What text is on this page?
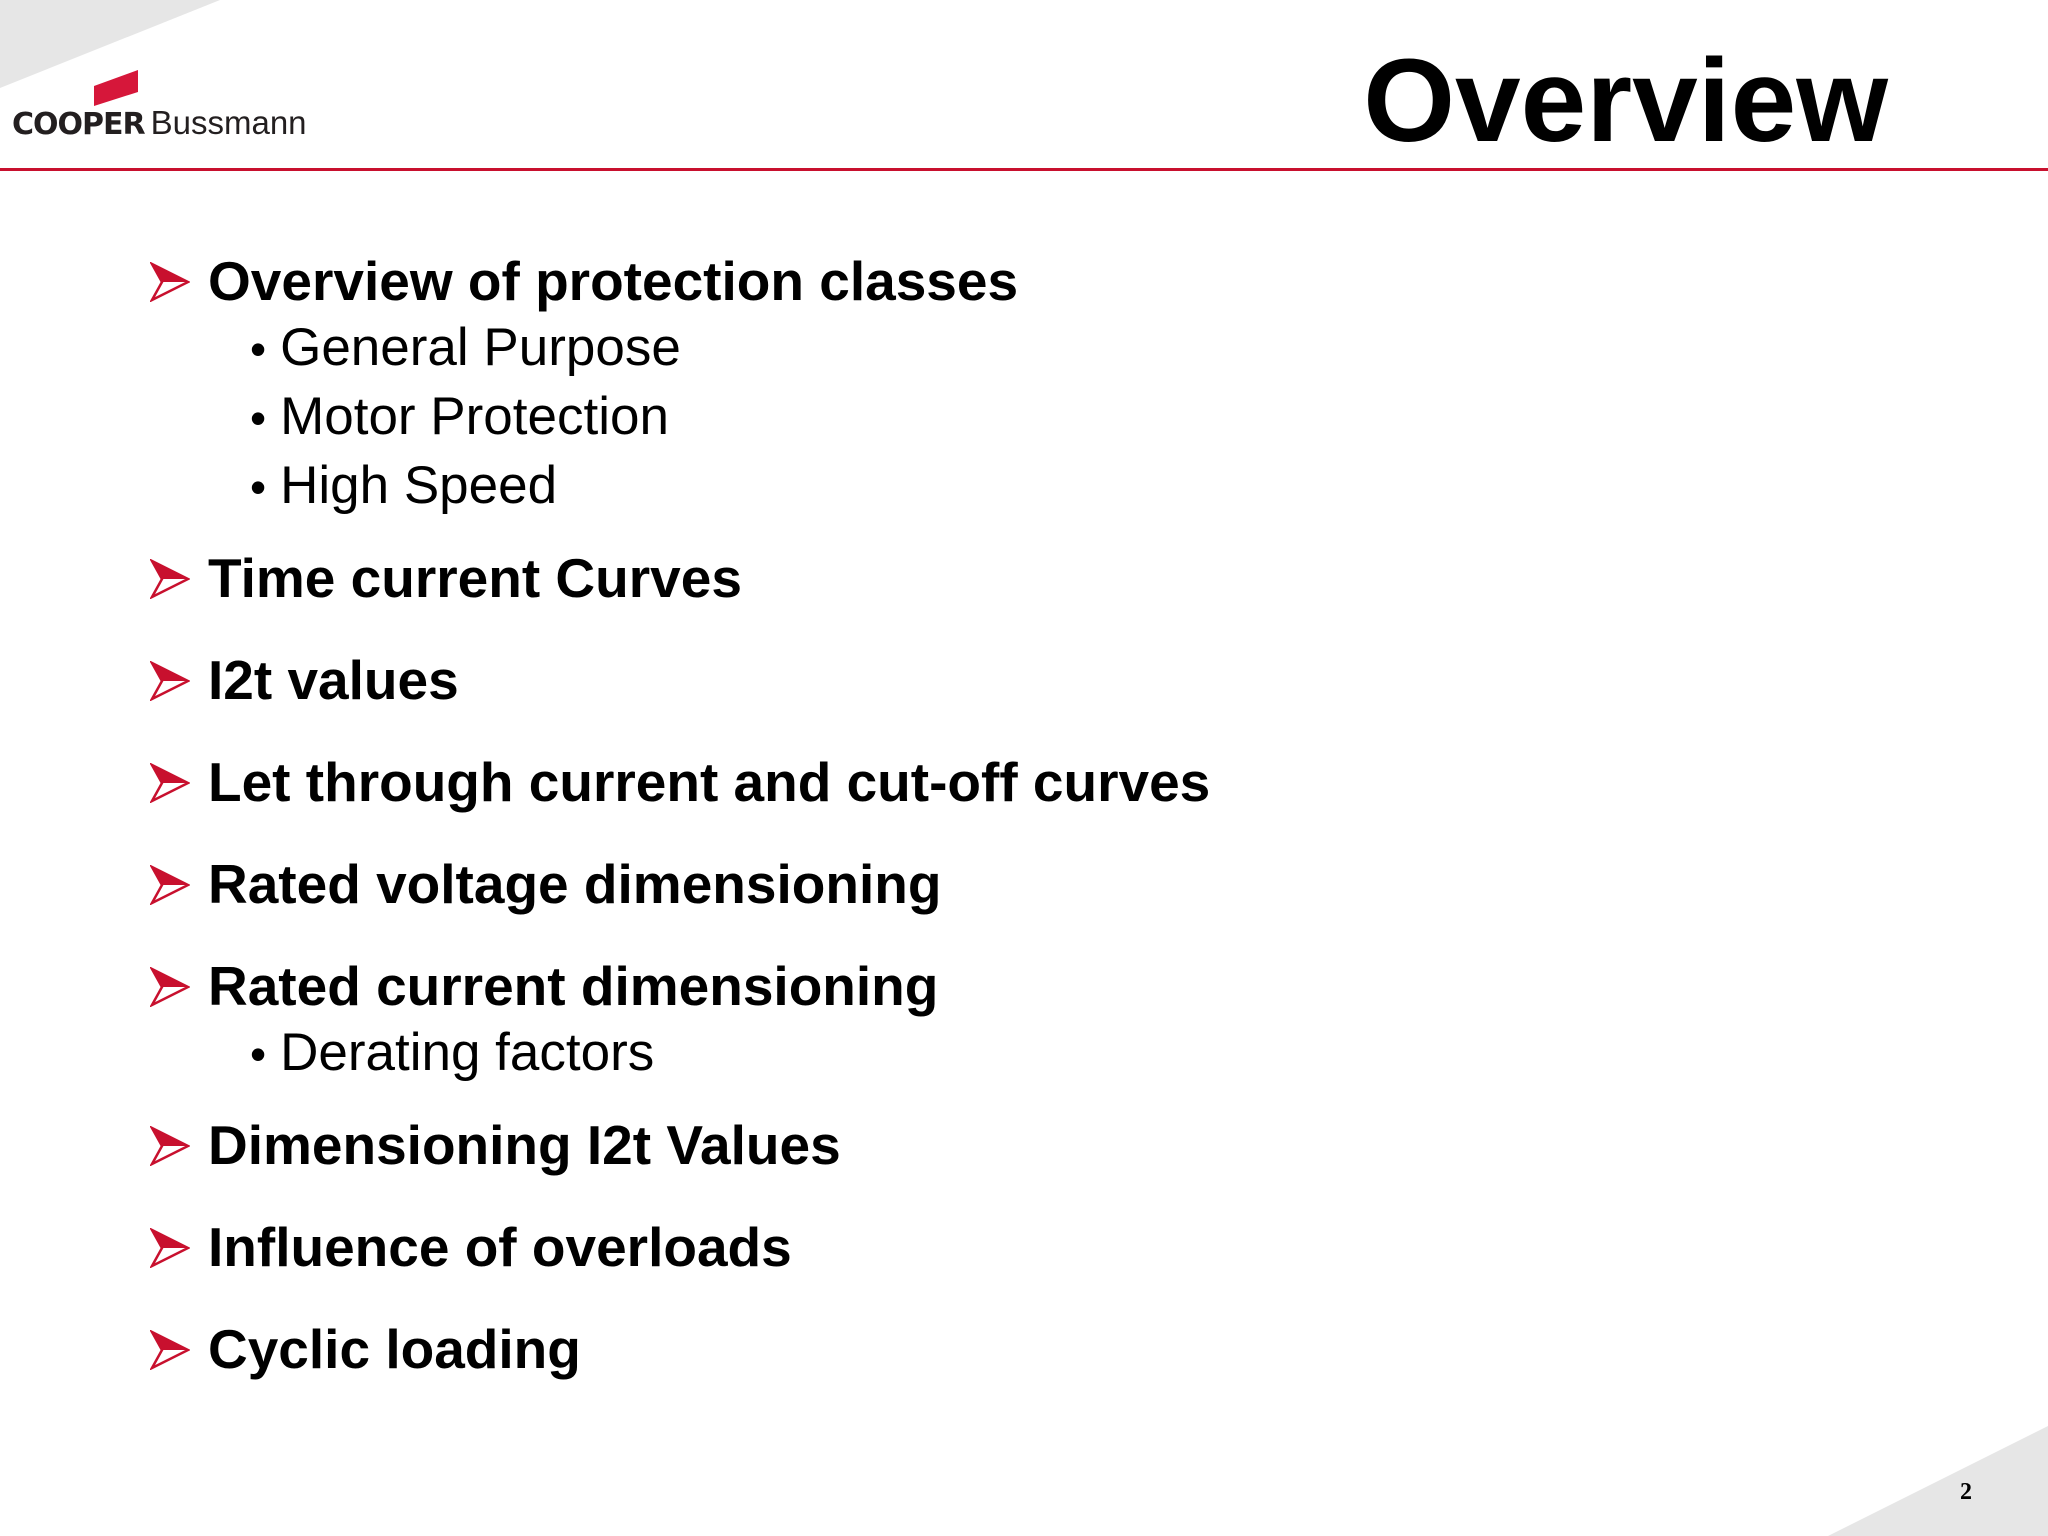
COOPER Bussmann	Overview
Overview of protection classes
• General Purpose
• Motor Protection
• High Speed
Time current Curves
I2t values
Let through current and cut-off curves
Rated voltage dimensioning
Rated current dimensioning
• Derating factors
Dimensioning I2t Values
Influence of overloads
Cyclic loading
2
